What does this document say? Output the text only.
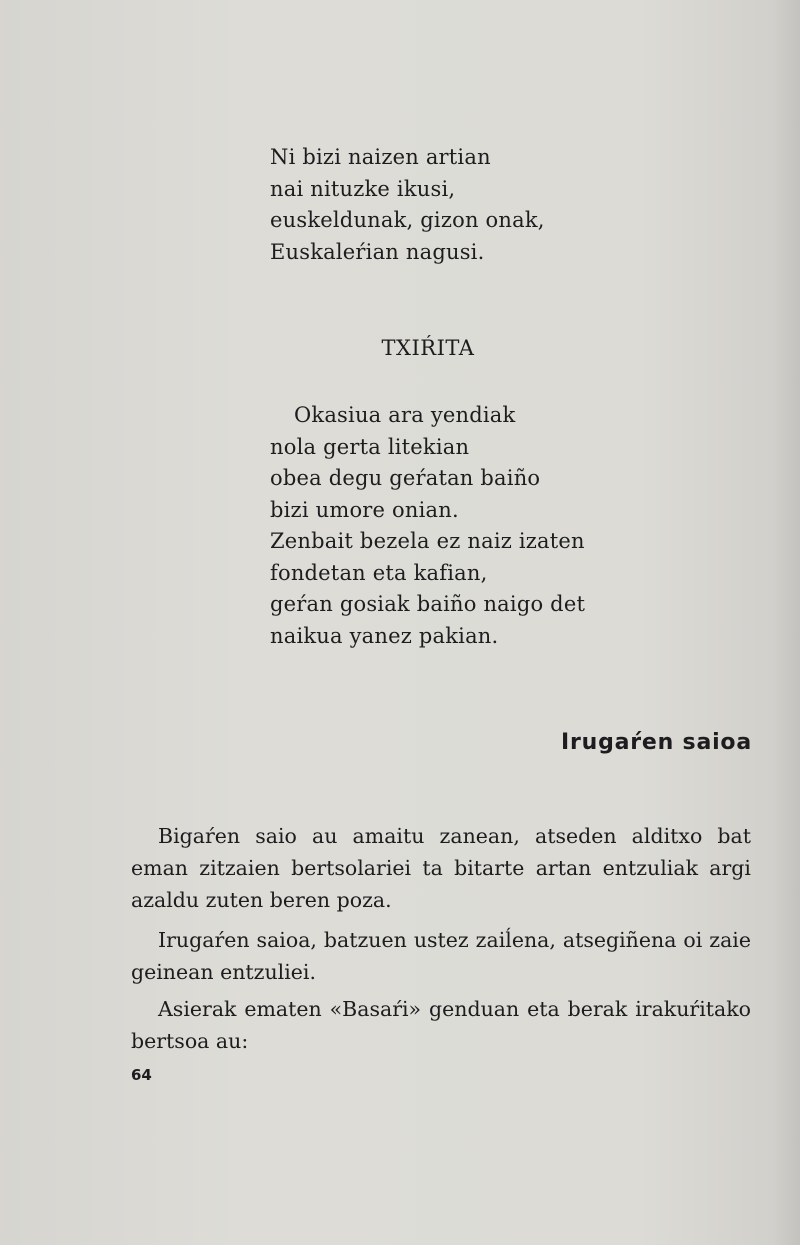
Ni bizi naizen artian
nai nituzke ikusi,
euskeldunak, gizon onak,
Euskaleŕian nagusi.
TXIŔITA
Okasiua ara yendiak
nola gerta litekian
obea degu geŕatan baiño
bizi umore onian.
Zenbait bezela ez naiz izaten
fondetan eta kafian,
geŕan gosiak baiño naigo det
naikua yanez pakian.
Irugaŕen saioa

Bigaŕen saio au amaitu zanean, atseden alditxo bat eman zitzaien bertsolariei ta bitarte artan entzuliak argi azaldu zuten beren poza.

Irugaŕen saioa, batzuen ustez zaiĺena, atsegiñena oi zaie geinean entzuliei.

Asierak ematen «Basaŕi» genduan eta berak irakuŕitako bertsoa au:

64
